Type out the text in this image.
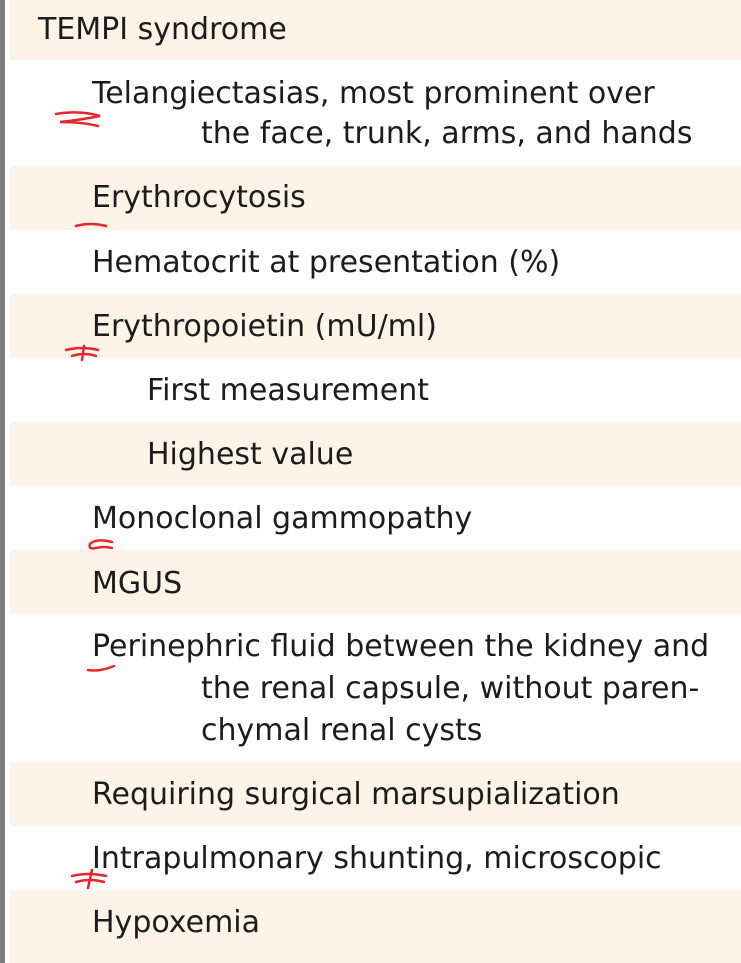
TEMPI syndrome
Telangiectasias, most prominent over
the face, trunk, arms, and hands
Erythrocytosis
Hematocrit at presentation (%)
Erythropoietin (mU/ml)
First measurement
Highest value
Monoclonal gammopathy
MGUS
Perinephric fluid between the kidney and
the renal capsule, without paren-
chymal renal cysts
Requiring surgical marsupialization
Intrapulmonary shunting, microscopic
Hypoxemia
